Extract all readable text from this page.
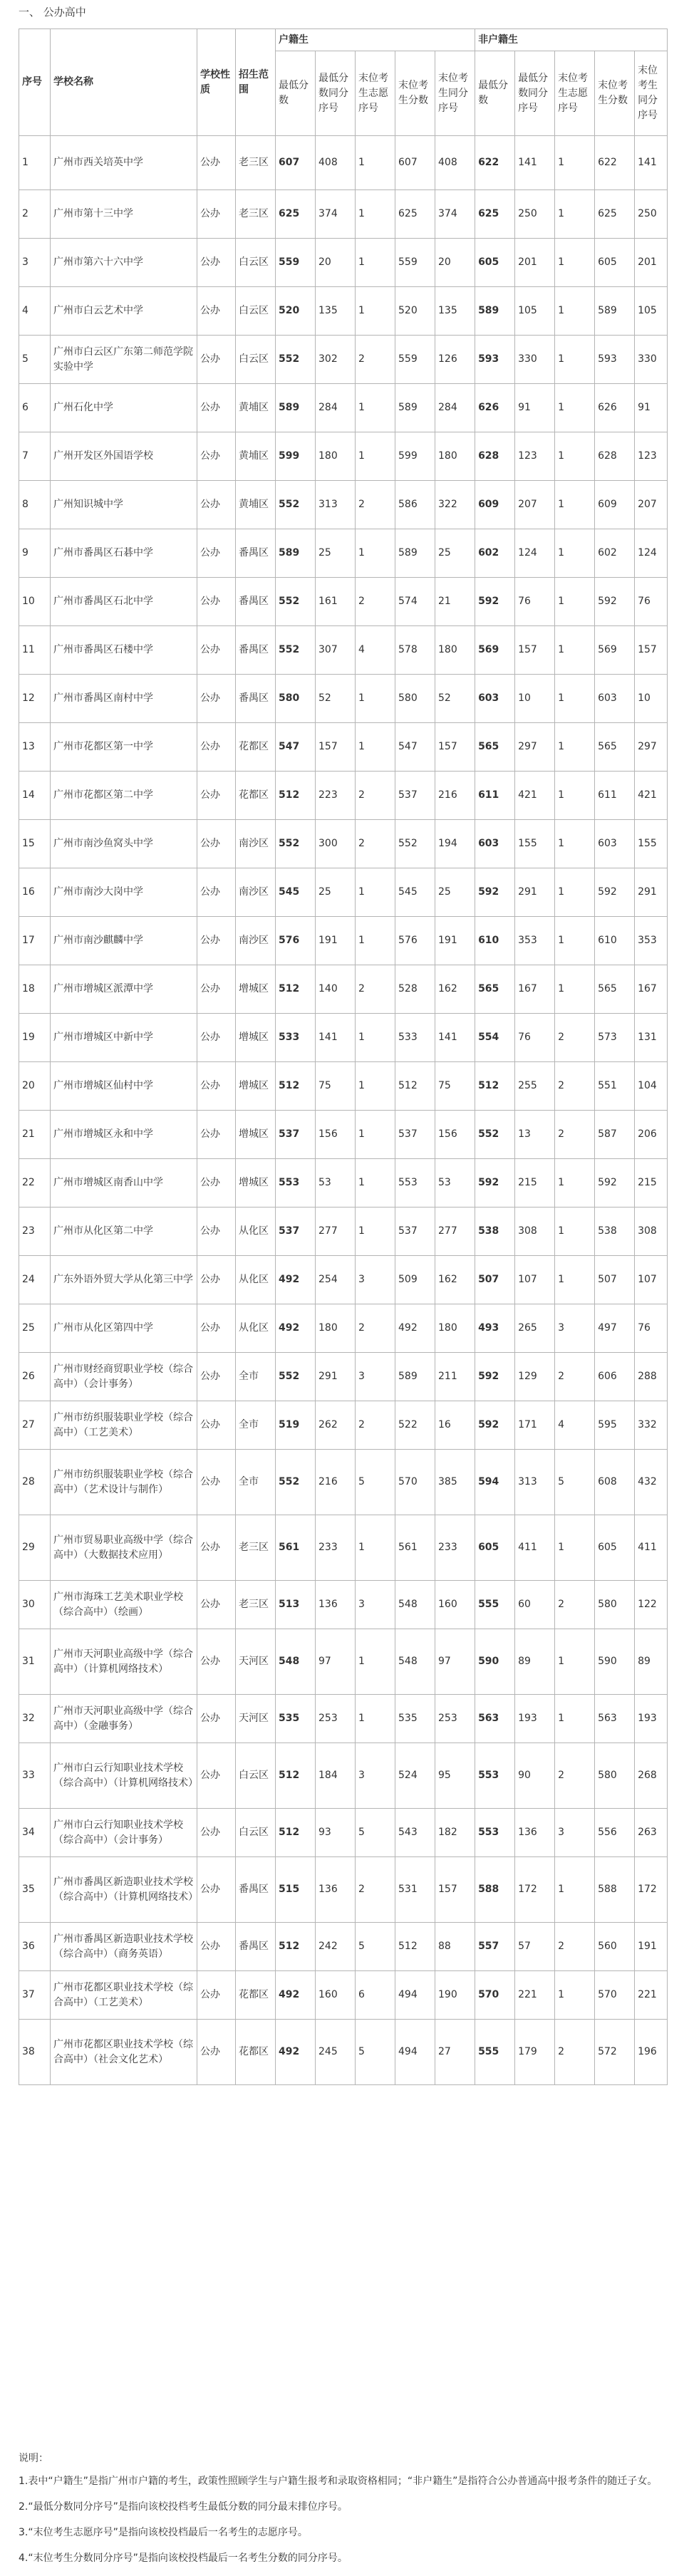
一、 公办高中
序号	学校名称	学校性质	招生范围	户籍生					非户籍生				
				最低分数	最低分数同分序号	末位考生志愿序号	末位考生分数	末位考生同分序号	最低分数	最低分数同分序号	末位考生志愿序号	末位考生分数	末位考生同分序号
1	广州市西关培英中学	公办	老三区	607	408	1	607	408	622	141	1	622	141
2	广州市第十三中学	公办	老三区	625	374	1	625	374	625	250	1	625	250
3	广州市第六十六中学	公办	白云区	559	20	1	559	20	605	201	1	605	201
4	广州市白云艺术中学	公办	白云区	520	135	1	520	135	589	105	1	589	105
5	广州市白云区广东第二师范学院实验中学	公办	白云区	552	302	2	559	126	593	330	1	593	330
6	广州石化中学	公办	黄埔区	589	284	1	589	284	626	91	1	626	91
7	广州开发区外国语学校	公办	黄埔区	599	180	1	599	180	628	123	1	628	123
8	广州知识城中学	公办	黄埔区	552	313	2	586	322	609	207	1	609	207
9	广州市番禺区石碁中学	公办	番禺区	589	25	1	589	25	602	124	1	602	124
10	广州市番禺区石北中学	公办	番禺区	552	161	2	574	21	592	76	1	592	76
11	广州市番禺区石楼中学	公办	番禺区	552	307	4	578	180	569	157	1	569	157
12	广州市番禺区南村中学	公办	番禺区	580	52	1	580	52	603	10	1	603	10
13	广州市花都区第一中学	公办	花都区	547	157	1	547	157	565	297	1	565	297
14	广州市花都区第二中学	公办	花都区	512	223	2	537	216	611	421	1	611	421
15	广州市南沙鱼窝头中学	公办	南沙区	552	300	2	552	194	603	155	1	603	155
16	广州市南沙大岗中学	公办	南沙区	545	25	1	545	25	592	291	1	592	291
17	广州市南沙麒麟中学	公办	南沙区	576	191	1	576	191	610	353	1	610	353
18	广州市增城区派潭中学	公办	增城区	512	140	2	528	162	565	167	1	565	167
19	广州市增城区中新中学	公办	增城区	533	141	1	533	141	554	76	2	573	131
20	广州市增城区仙村中学	公办	增城区	512	75	1	512	75	512	255	2	551	104
21	广州市增城区永和中学	公办	增城区	537	156	1	537	156	552	13	2	587	206
22	广州市增城区南香山中学	公办	增城区	553	53	1	553	53	592	215	1	592	215
23	广州市从化区第二中学	公办	从化区	537	277	1	537	277	538	308	1	538	308
24	广东外语外贸大学从化第三中学	公办	从化区	492	254	3	509	162	507	107	1	507	107
25	广州市从化区第四中学	公办	从化区	492	180	2	492	180	493	265	3	497	76
26	广州市财经商贸职业学校（综合高中）（会计事务）	公办	全市	552	291	3	589	211	592	129	2	606	288
27	广州市纺织服装职业学校（综合高中）（工艺美术）	公办	全市	519	262	2	522	16	592	171	4	595	332
28	广州市纺织服装职业学校（综合高中）（艺术设计与制作）	公办	全市	552	216	5	570	385	594	313	5	608	432
29	广州市贸易职业高级中学（综合高中）（大数据技术应用）	公办	老三区	561	233	1	561	233	605	411	1	605	411
30	广州市海珠工艺美术职业学校（综合高中）（绘画）	公办	老三区	513	136	3	548	160	555	60	2	580	122
31	广州市天河职业高级中学（综合高中）（计算机网络技术）	公办	天河区	548	97	1	548	97	590	89	1	590	89
32	广州市天河职业高级中学（综合高中）（金融事务）	公办	天河区	535	253	1	535	253	563	193	1	563	193
33	广州市白云行知职业技术学校（综合高中）（计算机网络技术）	公办	白云区	512	184	3	524	95	553	90	2	580	268
34	广州市白云行知职业技术学校（综合高中）（会计事务）	公办	白云区	512	93	5	543	182	553	136	3	556	263
35	广州市番禺区新造职业技术学校（综合高中）（计算机网络技术）	公办	番禺区	515	136	2	531	157	588	172	1	588	172
36	广州市番禺区新造职业技术学校（综合高中）（商务英语）	公办	番禺区	512	242	5	512	88	557	57	2	560	191
37	广州市花都区职业技术学校（综合高中）（工艺美术）	公办	花都区	492	160	6	494	190	570	221	1	570	221
38	广州市花都区职业技术学校（综合高中）（社会文化艺术）	公办	花都区	492	245	5	494	27	555	179	2	572	196
说明：
1.表中“户籍生”是指广州市户籍的考生，政策性照顾学生与户籍生报考和录取资格相同；“非户籍生”是指符合公办普通高中报考条件的随迁子女。
2.“最低分数同分序号”是指向该校投档考生最低分数的同分最末排位序号。
3.“末位考生志愿序号”是指向该校投档最后一名考生的志愿序号。
4.“末位考生分数同分序号”是指向该校投档最后一名考生分数的同分序号。
